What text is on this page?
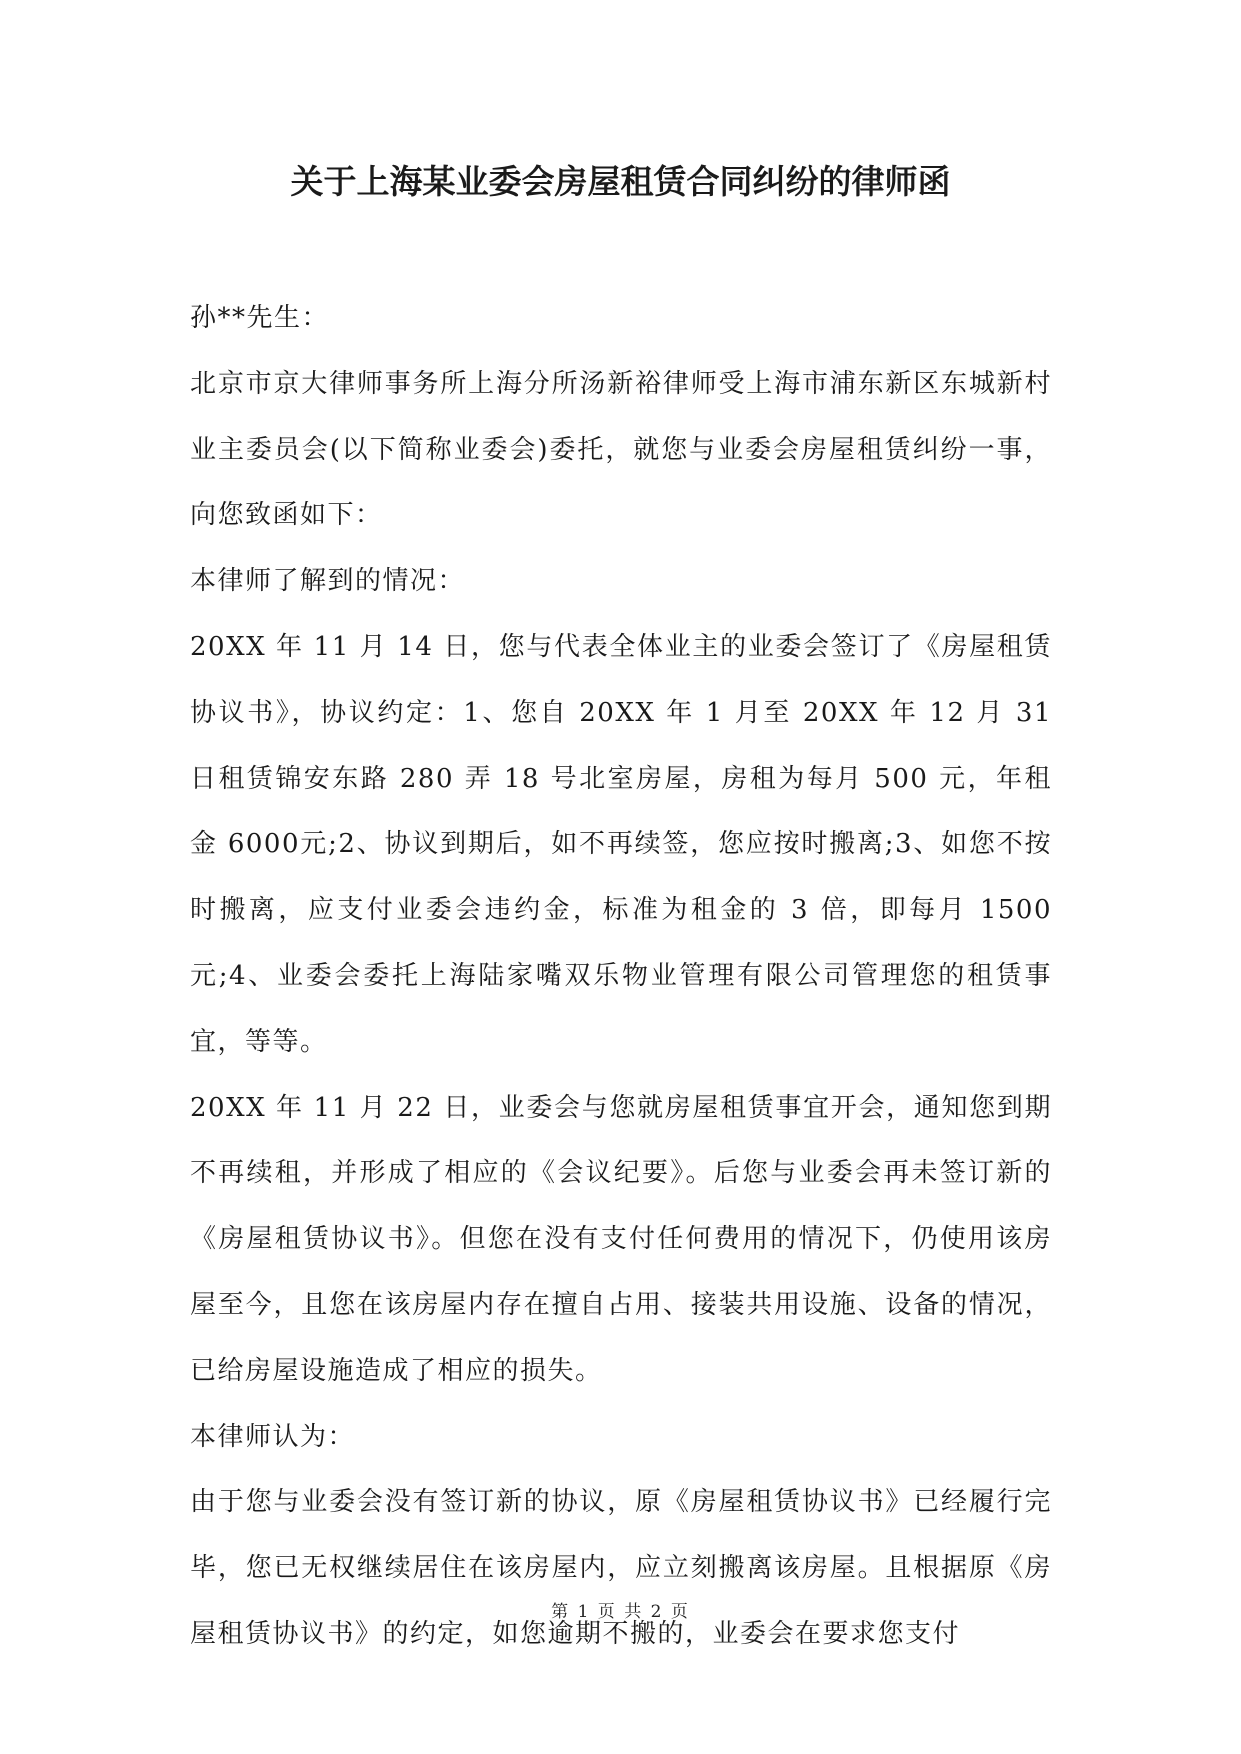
关于上海某业委会房屋租赁合同纠纷的律师函

孙**先生：

北京市京大律师事务所上海分所汤新裕律师受上海市浦东新区东城新村业主委员会(以下简称业委会)委托，就您与业委会房屋租赁纠纷一事，向您致函如下：

本律师了解到的情况：

20XX 年 11 月 14 日，您与代表全体业主的业委会签订了《房屋租赁协议书》，协议约定：1、您自 20XX 年 1 月至 20XX 年 12 月 31 日租赁锦安东路 280 弄 18 号北室房屋，房租为每月 500 元，年租金 6000元;2、协议到期后，如不再续签，您应按时搬离;3、如您不按时搬离，应支付业委会违约金，标准为租金的 3 倍，即每月 1500 元;4、业委会委托上海陆家嘴双乐物业管理有限公司管理您的租赁事宜，等等。

20XX 年 11 月 22 日，业委会与您就房屋租赁事宜开会，通知您到期不再续租，并形成了相应的《会议纪要》。后您与业委会再未签订新的《房屋租赁协议书》。但您在没有支付任何费用的情况下，仍使用该房屋至今，且您在该房屋内存在擅自占用、接装共用设施、设备的情况，已给房屋设施造成了相应的损失。

本律师认为：

由于您与业委会没有签订新的协议，原《房屋租赁协议书》已经履行完毕，您已无权继续居住在该房屋内，应立刻搬离该房屋。且根据原《房屋租赁协议书》的约定，如您逾期不搬的，业委会在要求您支付

第 1 页 共 2 页
